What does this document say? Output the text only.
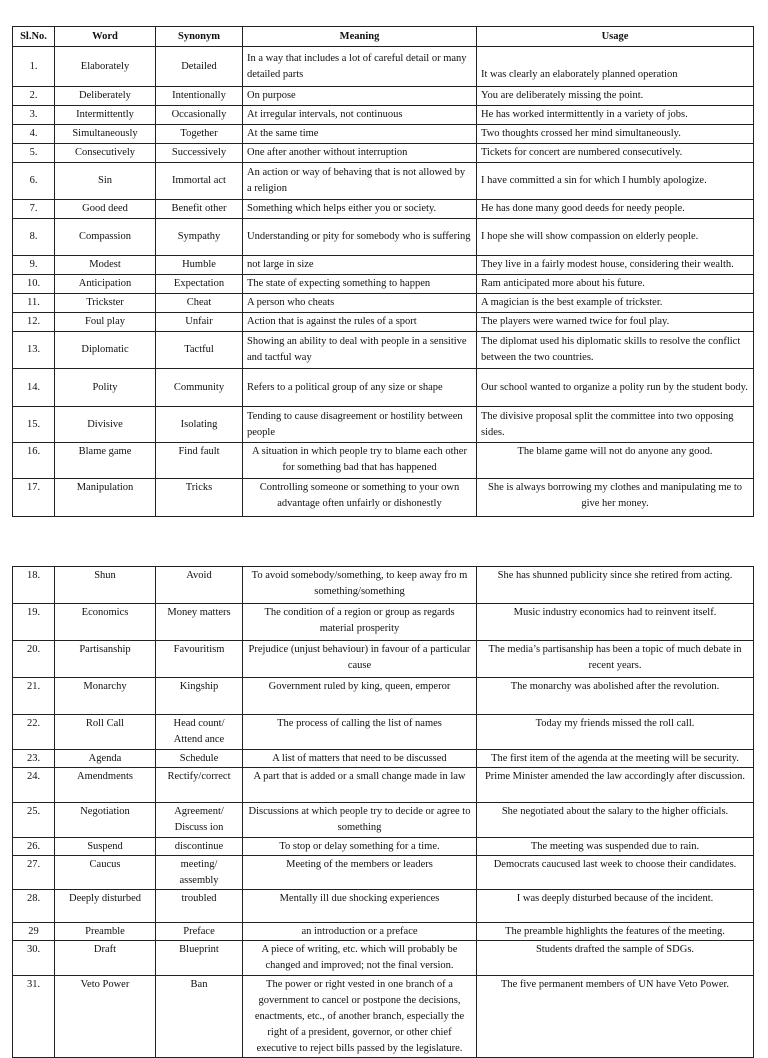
Sl.No.	Word	Synonym	Meaning	Usage
1.	Elaborately	Detailed	In a way that includes a lot of careful detail or many detailed parts	It was clearly an elaborately planned operation
2.	Deliberately	Intentionally	On purpose	You are deliberately missing the point.
3.	Intermittently	Occasionally	At irregular intervals, not continuous	He has worked intermittently in a variety of jobs.
4.	Simultaneously	Together	At the same time	Two thoughts crossed her mind simultaneously.
5.	Consecutively	Successively	One after another without interruption	Tickets for concert are numbered consecutively.
6.	Sin	Immortal act	An action or way of behaving that is not allowed by a religion	I have committed a sin for which I humbly apologize.
7.	Good deed	Benefit other	Something which helps either you or society.	He has done many good deeds for needy people.
8.	Compassion	Sympathy	Understanding or pity for somebody who is suffering	I hope she will show compassion on elderly people.
9.	Modest	Humble	not large in size	They live in a fairly modest house, considering their wealth.
10.	Anticipation	Expectation	The state of expecting something to happen	Ram anticipated more about his future.
11.	Trickster	Cheat	A person who cheats	A magician is the best example of trickster.
12.	Foul play	Unfair	Action that is against the rules of a sport	The players were warned twice for foul play.
13.	Diplomatic	Tactful	Showing an ability to deal with people in a sensitive and tactful way	The diplomat used his diplomatic skills to resolve the conflict between the two countries.
14.	Polity	Community	Refers to a political group of any size or shape	Our school wanted to organize a polity run by the student body.
15.	Divisive	Isolating	Tending to cause disagreement or hostility between people	The divisive proposal split the committee into two opposing sides.
16.	Blame game	Find fault	A situation in which people try to blame each other for something bad that has happened	The blame game will not do anyone any good.
17.	Manipulation	Tricks	Controlling someone or something to your own advantage often unfairly or dishonestly	She is always borrowing my clothes and manipulating me to give her money.
18.	Shun	Avoid	To avoid somebody/something, to keep away fro m something/something	She has shunned publicity since she retired from acting.
19.	Economics	Money matters	The condition of a region or group as regards material prosperity	Music industry economics had to reinvent itself.
20.	Partisanship	Favouritism	Prejudice (unjust behaviour) in favour of a particular cause	The media’s partisanship has been a topic of much debate in recent years.
21.	Monarchy	Kingship	Government ruled by king, queen, emperor	The monarchy was abolished after the revolution.
22.	Roll Call	Head count/ Attend ance	The process of calling the list of names	Today my friends missed the roll call.
23.	Agenda	Schedule	A list of matters that need to be discussed	The first item of the agenda at the meeting will be security.
24.	Amendments	Rectify/correct	A part that is added or a small change made in law	Prime Minister amended the law accordingly after discussion.
25.	Negotiation	Agreement/ Discuss ion	Discussions at which people try to decide or agree to something	She negotiated about the salary to the higher officials.
26.	Suspend	discontinue	To stop or delay something for a time.	The meeting was suspended due to rain.
27.	Caucus	meeting/ assembly	Meeting of the members or leaders	Democrats caucused last week to choose their candidates.
28.	Deeply disturbed	troubled	Mentally ill due shocking experiences	I was deeply disturbed because of the incident.
29	Preamble	Preface	an introduction or a preface	The preamble highlights the features of the meeting.
30.	Draft	Blueprint	A piece of writing, etc. which will probably be changed and improved; not the final version.	Students drafted the sample of SDGs.
31.	Veto Power	Ban	The power or right vested in one branch of a government to cancel or postpone the decisions, enactments, etc., of another branch, especially the right of a president, governor, or other chief executive to reject bills passed by the legislature.	The five permanent members of UN have Veto Power.
